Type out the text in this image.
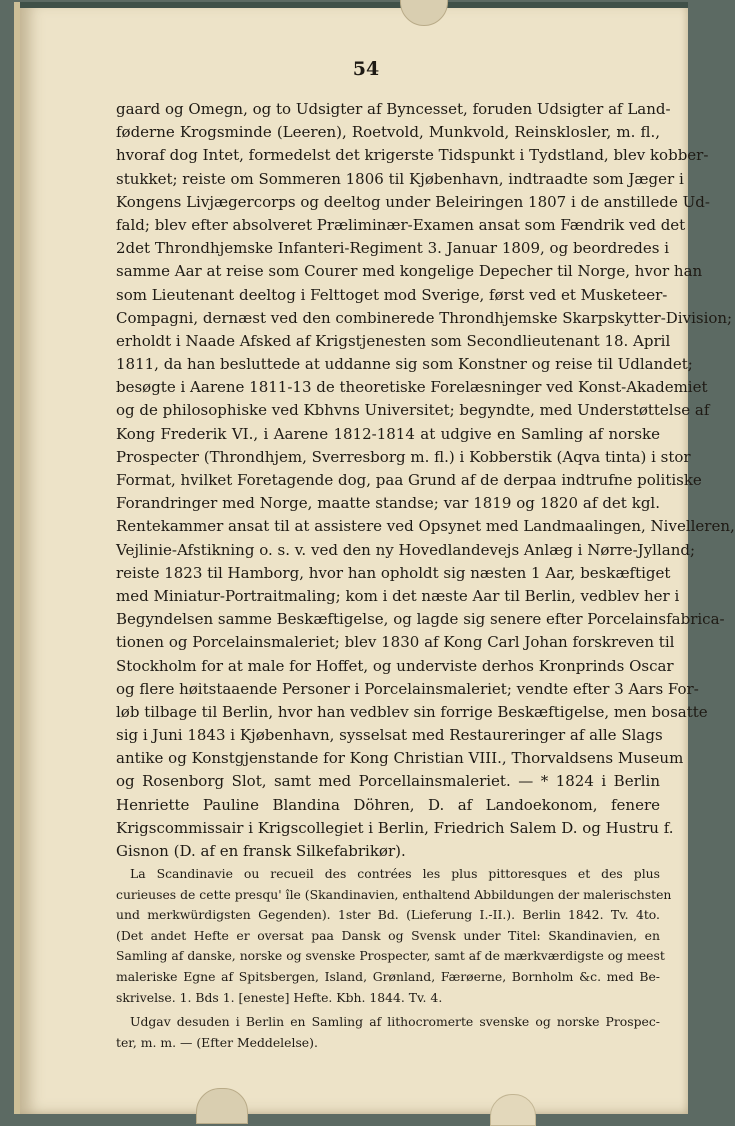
54
gaard og Omegn, og to Udsigter af Byncesset, foruden Udsigter af Land-
føderne Krogsminde (Leeren), Roetvold, Munkvold, Reinsklosler, m. fl.,
hvoraf dog Intet, formedelst det krigerste Tidspunkt i Tydstland, blev kobber-
stukket; reiste om Sommeren 1806 til Kjøbenhavn, indtraadte som Jæger i
Kongens Livjægercorps og deeltog under Beleiringen 1807 i de anstillede Ud-
fald; blev efter absolveret Præliminær-Examen ansat som Fændrik ved det
2det Throndhjemske Infanteri-Regiment 3. Januar 1809, og beordredes i
samme Aar at reise som Courer med kongelige Depecher til Norge, hvor han
som Lieutenant deeltog i Felttoget mod Sverige, først ved et Musketeer-
Compagni, dernæst ved den combinerede Throndhjemske Skarpskytter-Division;
erholdt i Naade Afsked af Krigstjenesten som Secondlieutenant 18. April
1811, da han besluttede at uddanne sig som Konstner og reise til Udlandet;
besøgte i Aarene 1811-13 de theoretiske Forelæsninger ved Konst-Akademiet
og de philosophiske ved Kbhvns Universitet; begyndte, med Understøttelse af
Kong Frederik VI., i Aarene 1812-1814 at udgive en Samling af norske
Prospecter (Throndhjem, Sverresborg m. fl.) i Kobberstik (Aqva tinta) i stor
Format, hvilket Foretagende dog, paa Grund af de derpaa indtrufne politiske
Forandringer med Norge, maatte standse; var 1819 og 1820 af det kgl.
Rentekammer ansat til at assistere ved Opsynet med Landmaalingen, Nivelleren,
Vejlinie-Afstikning o. s. v. ved den ny Hovedlandevejs Anlæg i Nørre-Jylland;
reiste 1823 til Hamborg, hvor han opholdt sig næsten 1 Aar, beskæftiget
med Miniatur-Portraitmaling; kom i det næste Aar til Berlin, vedblev her i
Begyndelsen samme Beskæftigelse, og lagde sig senere efter Porcelainsfabrica-
tionen og Porcelainsmaleriet; blev 1830 af Kong Carl Johan forskreven til
Stockholm for at male for Hoffet, og underviste derhos Kronprinds Oscar
og flere høitstaaende Personer i Porcelainsmaleriet; vendte efter 3 Aars For-
løb tilbage til Berlin, hvor han vedblev sin forrige Beskæftigelse, men bosatte
sig i Juni 1843 i Kjøbenhavn, sysselsat med Restaureringer af alle Slags
antike og Konstgjenstande for Kong Christian VIII., Thorvaldsens Museum
og Rosenborg Slot, samt med Porcellainsmaleriet. — * 1824 i Berlin
Henriette Pauline Blandina Döhren, D. af Landoekonom, fenere
Krigscommissair i Krigscollegiet i Berlin, Friedrich Salem D. og Hustru f.
Gisnon (D. af en fransk Silkefabrikør).
La Scandinavie ou recueil des contrées les plus pittoresques et des plus
curieuses de cette presqu' île (Skandinavien, enthaltend Abbildungen der malerischsten
und merkwürdigsten Gegenden). 1ster Bd. (Lieferung I.-II.). Berlin 1842. Tv. 4to.
(Det andet Hefte er oversat paa Dansk og Svensk under Titel: Skandinavien, en
Samling af danske, norske og svenske Prospecter, samt af de mærkværdigste og meest
maleriske Egne af Spitsbergen, Island, Grønland, Færøerne, Bornholm &c. med Be-
skrivelse. 1. Bds 1. [eneste] Hefte. Kbh. 1844. Tv. 4.
Udgav desuden i Berlin en Samling af lithocromerte svenske og norske Prospec-
ter, m. m. — (Efter Meddelelse).
